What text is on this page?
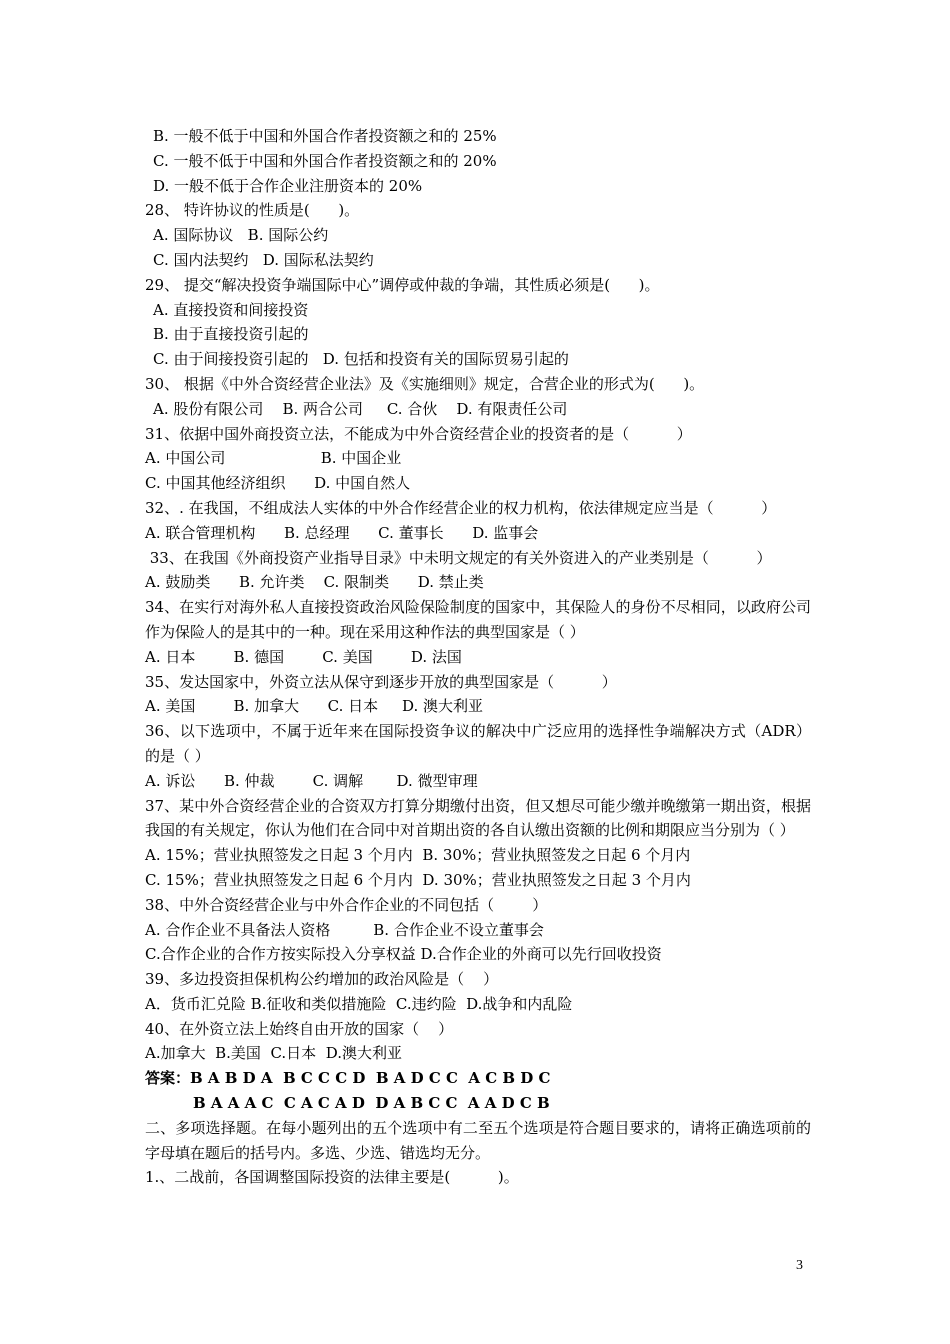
B. 一般不低于中国和外国合作者投资额之和的 25%
C. 一般不低于中国和外国合作者投资额之和的 20%
D. 一般不低于合作企业注册资本的 20%
28、 特许协议的性质是(      )。
A. 国际协议   B. 国际公约
C. 国内法契约   D. 国际私法契约
29、 提交“解决投资争端国际中心”调停或仲裁的争端，其性质必须是(      )。
A. 直接投资和间接投资
B. 由于直接投资引起的
C. 由于间接投资引起的   D. 包括和投资有关的国际贸易引起的
30、 根据《中外合资经营企业法》及《实施细则》规定，合营企业的形式为(      )。
A. 股份有限公司    B. 两合公司     C. 合伙    D. 有限责任公司
31、依据中国外商投资立法，不能成为中外合资经营企业的投资者的是（          ）
A. 中国公司                    B. 中国企业
C. 中国其他经济组织      D. 中国自然人
32、. 在我国，不组成法人实体的中外合作经营企业的权力机构，依法律规定应当是（          ）
A. 联合管理机构      B. 总经理      C. 董事长      D. 监事会
33、在我国《外商投资产业指导目录》中未明文规定的有关外资进入的产业类别是（          ）
A. 鼓励类      B. 允许类    C. 限制类      D. 禁止类
34、在实行对海外私人直接投资政治风险保险制度的国家中，其保险人的身份不尽相同，以政府公司作为保险人的是其中的一种。现在采用这种作法的典型国家是（ ）
A. 日本        B. 德国        C. 美国        D. 法国
35、发达国家中，外资立法从保守到逐步开放的典型国家是（          ）
A. 美国        B. 加拿大      C. 日本     D. 澳大利亚
36、以下选项中，不属于近年来在国际投资争议的解决中广泛应用的选择性争端解决方式（ADR）的是（ ）
A. 诉讼      B. 仲裁        C. 调解       D. 微型审理
37、某中外合资经营企业的合资双方打算分期缴付出资，但又想尽可能少缴并晚缴第一期出资，根据我国的有关规定，你认为他们在合同中对首期出资的各自认缴出资额的比例和期限应当分别为（ ）
A. 15%；营业执照签发之日起 3 个月内  B. 30%；营业执照签发之日起 6 个月内
C. 15%；营业执照签发之日起 6 个月内  D. 30%；营业执照签发之日起 3 个月内
38、中外合资经营企业与中外合作企业的不同包括（        ）
A. 合作企业不具备法人资格         B. 合作企业不设立董事会
C.合作企业的合作方按实际投入分享权益 D.合作企业的外商可以先行回收投资
39、多边投资担保机构公约增加的政治风险是（    ）
A．货币汇兑险 B.征收和类似措施险  C.违约险  D.战争和内乱险
40、在外资立法上始终自由开放的国家（    ）
A.加拿大  B.美国  C.日本  D.澳大利亚
答案：B A B D A  B C C C D  B A D C C  A C B D C
B A A A C  C A C A D  D A B C C  A A D C B
二、多项选择题。在每小题列出的五个选项中有二至五个选项是符合题目要求的，请将正确选项前的字母填在题后的括号内。多选、少选、错选均无分。
1.、二战前，各国调整国际投资的法律主要是(          )。
3
